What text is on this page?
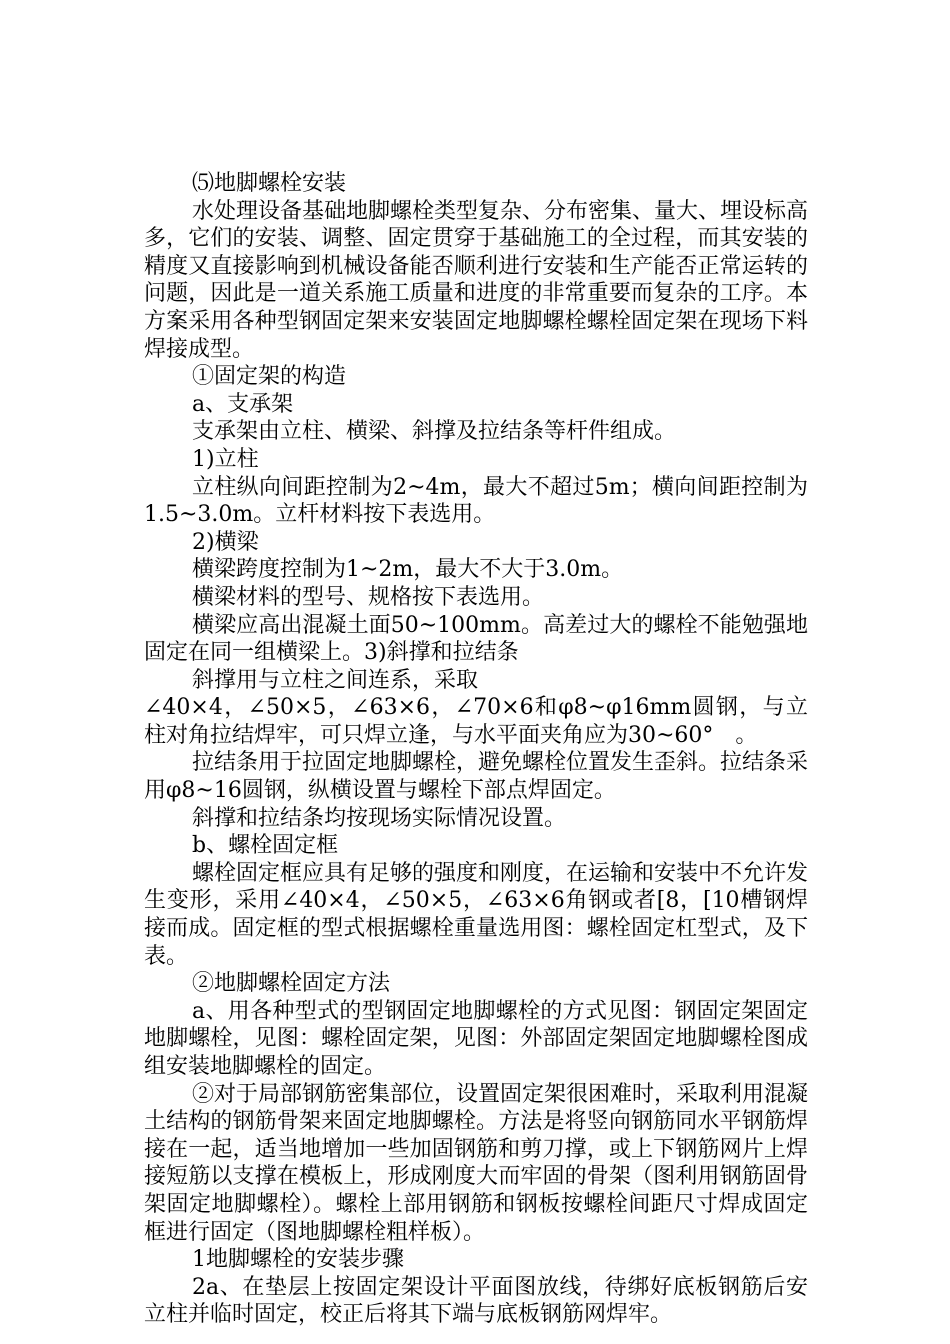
⑸地脚螺栓安装

水处理设备基础地脚螺栓类型复杂、分布密集、量大、埋设标高多，它们的安装、调整、固定贯穿于基础施工的全过程，而其安装的精度又直接影响到机械设备能否顺利进行安装和生产能否正常运转的问题，因此是一道关系施工质量和进度的非常重要而复杂的工序。本方案采用各种型钢固定架来安装固定地脚螺栓螺栓固定架在现场下料焊接成型。

①固定架的构造

a、支承架

支承架由立柱、横梁、斜撑及拉结条等杆件组成。

1)立柱

立柱纵向间距控制为2~4m，最大不超过5m；横向间距控制为1.5~3.0m。立杆材料按下表选用。

2)横梁

横梁跨度控制为1~2m，最大不大于3.0m。

横梁材料的型号、规格按下表选用。

横梁应高出混凝土面50~100mm。高差过大的螺栓不能勉强地固定在同一组横梁上。3)斜撑和拉结条

斜撑用与立柱之间连系，采取

∠40×4，∠50×5，∠63×6，∠70×6和φ8~φ16mm圆钢，与立柱对角拉结焊牢，可只焊立逢，与水平面夹角应为30~60°　。

拉结条用于拉固定地脚螺栓，避免螺栓位置发生歪斜。拉结条采用φ8~16圆钢，纵横设置与螺栓下部点焊固定。

斜撑和拉结条均按现场实际情况设置。

b、螺栓固定框

螺栓固定框应具有足够的强度和刚度，在运输和安装中不允许发生变形，采用∠40×4，∠50×5，∠63×6角钢或者[8，[10槽钢焊接而成。固定框的型式根据螺栓重量选用图：螺栓固定杠型式，及下表。

②地脚螺栓固定方法

a、用各种型式的型钢固定地脚螺栓的方式见图：钢固定架固定地脚螺栓，见图：螺栓固定架，见图：外部固定架固定地脚螺栓图成组安装地脚螺栓的固定。

②对于局部钢筋密集部位，设置固定架很困难时，采取利用混凝土结构的钢筋骨架来固定地脚螺栓。方法是将竖向钢筋同水平钢筋焊接在一起，适当地增加一些加固钢筋和剪刀撑，或上下钢筋网片上焊接短筋以支撑在模板上，形成刚度大而牢固的骨架（图利用钢筋固骨架固定地脚螺栓）。螺栓上部用钢筋和钢板按螺栓间距尺寸焊成固定框进行固定（图地脚螺栓粗样板）。

1地脚螺栓的安装步骤

2a、在垫层上按固定架设计平面图放线，待绑好底板钢筋后安立柱并临时固定，校正后将其下端与底板钢筋网焊牢。
